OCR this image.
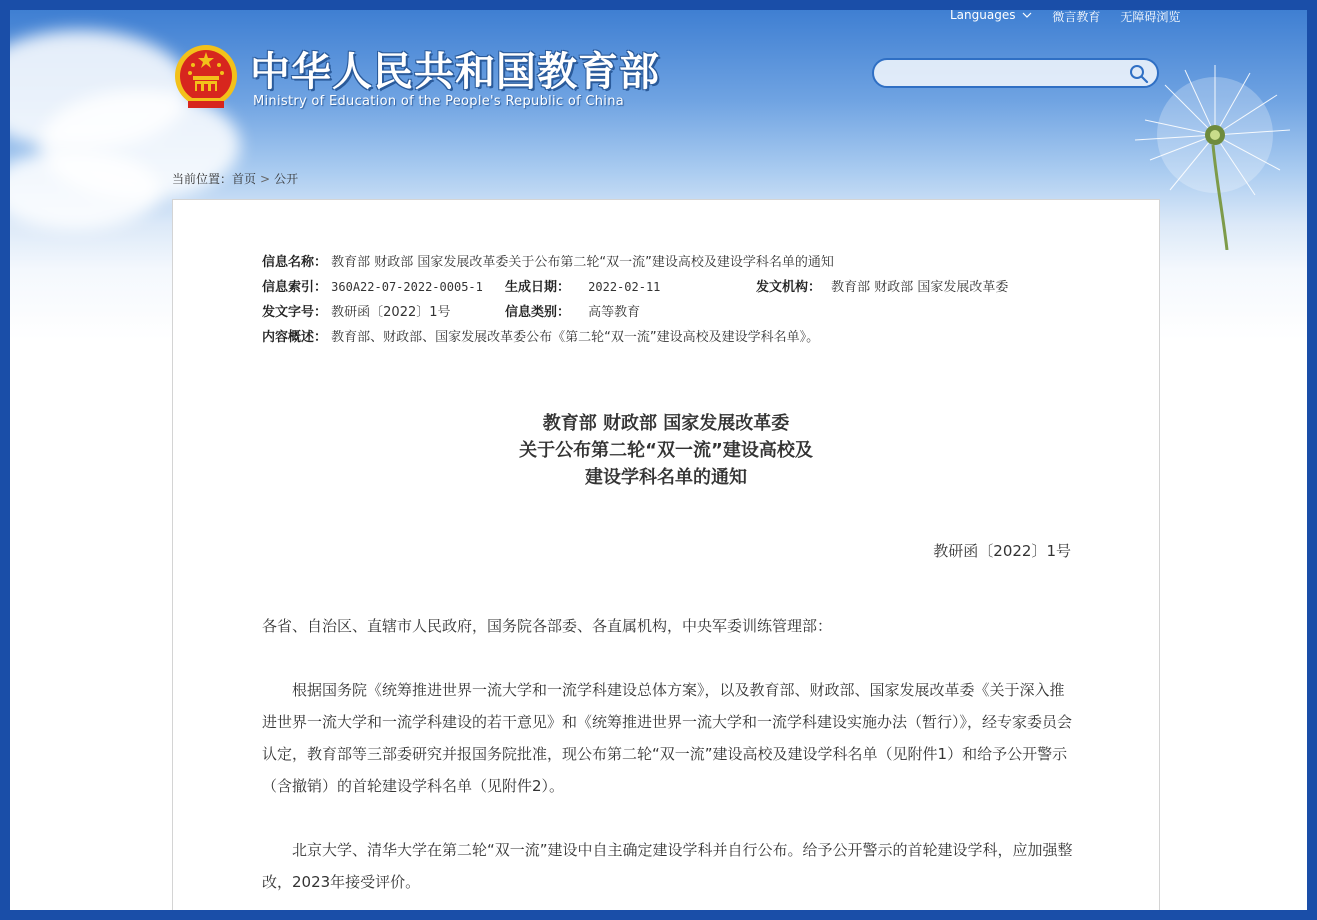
Languages	微言教育 无障碍浏览
中华人民共和国教育部
Ministry of Education of the People's Republic of China
当前位置：首页 > 公开
信息名称： 教育部 财政部 国家发展改革委关于公布第二轮“双一流”建设高校及建设学科名单的通知
信息索引： 360A22-07-2022-0005-1 生成日期： 2022-02-11	发文机构： 教育部 财政部 国家发展改革委
发文字号： 教研函〔2022〕1号	信息类别： 高等教育
内容概述： 教育部、财政部、国家发展改革委公布《第二轮“双一流”建设高校及建设学科名单》。
教育部 财政部 国家发展改革委
关于公布第二轮“双一流”建设高校及
建设学科名单的通知
教研函〔2022〕1号
各省、自治区、直辖市人民政府，国务院各部委、各直属机构，中央军委训练管理部：
根据国务院《统筹推进世界一流大学和一流学科建设总体方案》，以及教育部、财政部、国家发展改革委《关于深入推进世界一流大学和一流学科建设的若干意见》和《统筹推进世界一流大学和一流学科建设实施办法（暂行）》，经专家委员会认定，教育部等三部委研究并报国务院批准，现公布第二轮“双一流”建设高校及建设学科名单（见附件1）和给予公开警示（含撤销）的首轮建设学科名单（见附件2）。
北京大学、清华大学在第二轮“双一流”建设中自主确定建设学科并自行公布。给予公开警示的首轮建设学科，应加强整改，2023年接受评价。
